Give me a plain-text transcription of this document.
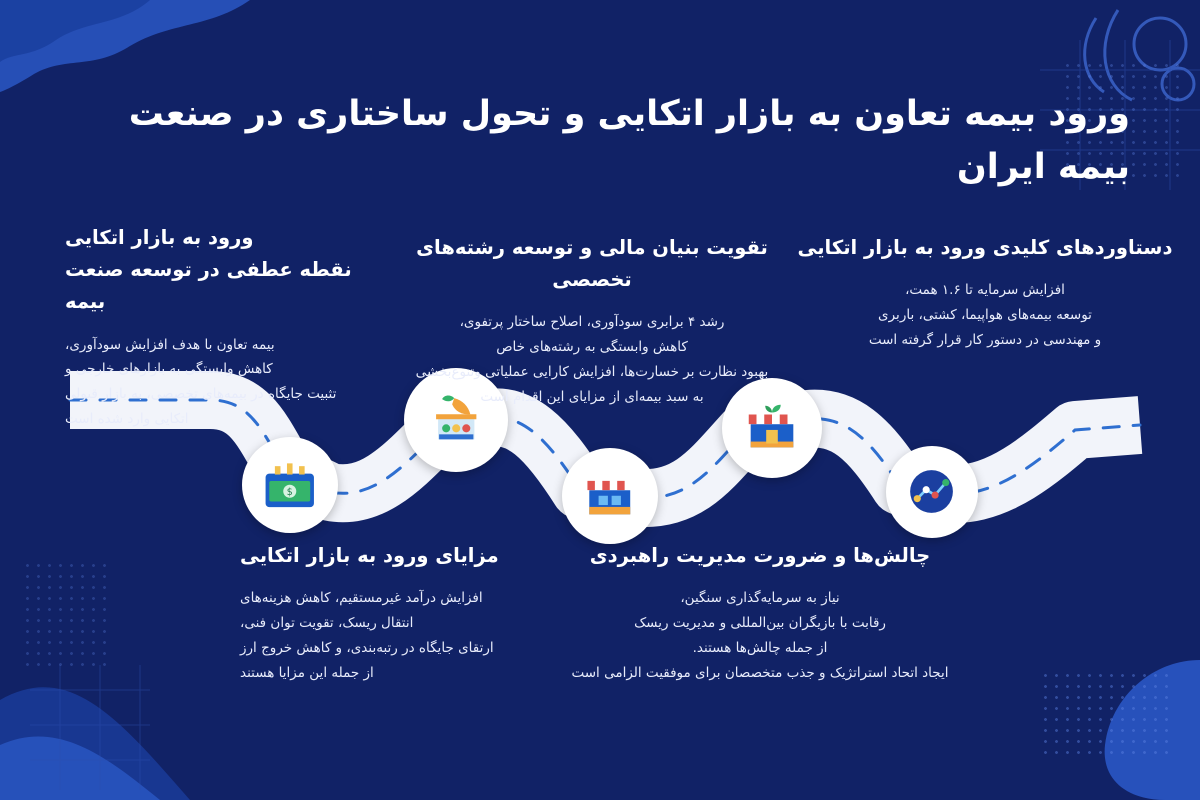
ورود بیمه تعاون به بازار اتکایی و تحول ساختاری در صنعت بیمه ایران
$
ورود به بازار اتکایی
نقطه عطفی در توسعه صنعت بیمه
بیمه تعاون با هدف افزایش سودآوری،
کاهش وابستگی به بازارهای خارجی و
تثبیت جایگاه در بیمه‌های تخصصی، به بازار قبولی
اتکایی وارد شده است
تقویت بنیان مالی و توسعه رشته‌های تخصصی
رشد ۴ برابری سودآوری، اصلاح ساختار پرتفوی،
کاهش وابستگی به رشته‌های خاص
بهبود نظارت بر خسارت‌ها، افزایش کارایی عملیاتی وتنوع‌بخشی
به سبد بیمه‌ای از مزایای این اقدام است
دستاوردهای کلیدی ورود به بازار اتکایی
افزایش سرمایه تا ۱.۶ همت،
توسعه بیمه‌های هواپیما، کشتی، باربری
و مهندسی در دستور کار قرار گرفته است
مزایای ورود به بازار اتکایی
افزایش درآمد غیرمستقیم، کاهش هزینه‌های
انتقال ریسک، تقویت توان فنی،
ارتقای جایگاه در رتبه‌بندی، و کاهش خروج ارز
از جمله این مزایا هستند
چالش‌ها و ضرورت مدیریت راهبردی
نیاز به سرمایه‌گذاری سنگین،
رقابت با بازیگران بین‌المللی و مدیریت ریسک
از جمله چالش‌ها هستند.
ایجاد اتحاد استراتژیک و جذب متخصصان برای موفقیت الزامی است
